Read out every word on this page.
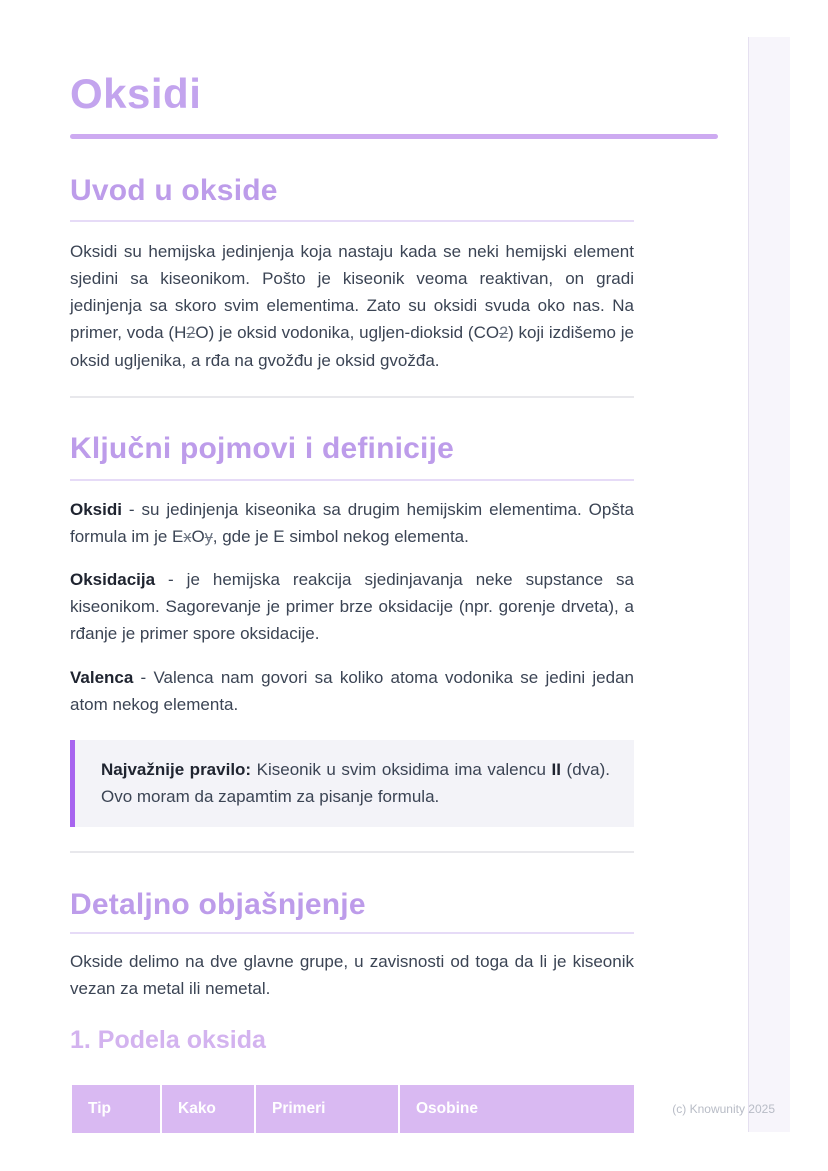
Oksidi
Uvod u okside

Oksidi su hemijska jedinjenja koja nastaju kada se neki hemijski element sjedini sa kiseonikom. Pošto je kiseonik veoma reaktivan, on gradi jedinjenja sa skoro svim elementima. Zato su oksidi svuda oko nas. Na primer, voda (H2O) je oksid vodonika, ugljen-dioksid (CO2) koji izdišemo je oksid ugljenika, a rđa na gvožđu je oksid gvožđa.

Ključni pojmovi i definicije

Oksidi - su jedinjenja kiseonika sa drugim hemijskim elementima. Opšta formula im je ExOy, gde je E simbol nekog elementa.

Oksidacija - je hemijska reakcija sjedinjavanja neke supstance sa kiseonikom. Sagorevanje je primer brze oksidacije (npr. gorenje drveta), a rđanje je primer spore oksidacije.

Valenca - Valenca nam govori sa koliko atoma vodonika se jedini jedan atom nekog elementa.

Najvažnije pravilo: Kiseonik u svim oksidima ima valencu II (dva). Ovo moram da zapamtim za pisanje formula.

Detaljno objašnjenje

Okside delimo na dve glavne grupe, u zavisnosti od toga da li je kiseonik vezan za metal ili nemetal.

1. Podela oksida
Tip	Kako	Primeri	Osobine	(c) Knowunity 2025
